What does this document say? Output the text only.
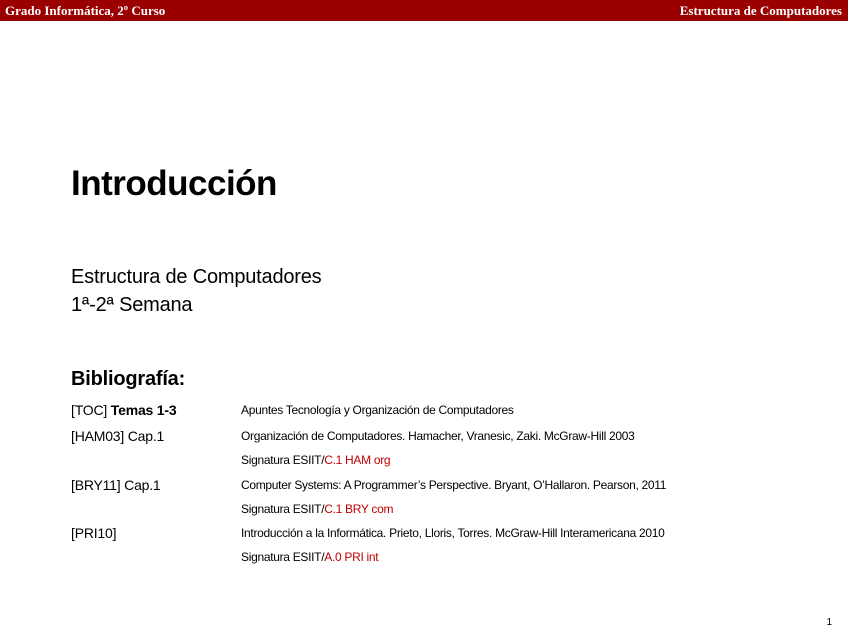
Grado Informática, 2º Curso	Estructura de Computadores
Introducción
Estructura de Computadores
1ª-2ª Semana
Bibliografía:
[TOC] Temas 1-3	Apuntes Tecnología y Organización de Computadores
[HAM03] Cap.1	Organización de Computadores. Hamacher, Vranesic, Zaki. McGraw-Hill 2003
Signatura ESIIT/C.1 HAM org
[BRY11] Cap.1	Computer Systems: A Programmer’s Perspective. Bryant, O’Hallaron. Pearson, 2011
Signatura ESIIT/C.1 BRY com
[PRI10]	Introducción a la Informática. Prieto, Lloris, Torres. McGraw-Hill Interamericana 2010
Signatura ESIIT/A.0 PRI int
1
